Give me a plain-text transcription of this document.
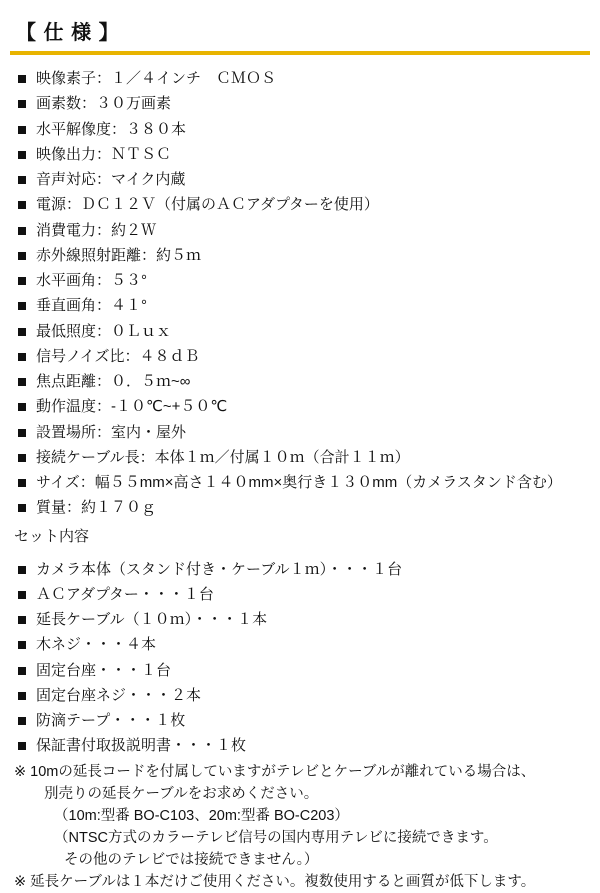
【 仕 様 】
映像素子：１／４インチ　ＣＭＯＳ
画素数：３０万画素
水平解像度：３８０本
映像出力：ＮＴＳＣ
音声対応：マイク内蔵
電源：ＤＣ１２Ｖ（付属のＡＣアダプターを使用）
消費電力：約２Ｗ
赤外線照射距離：約５ｍ
水平画角：５３°
垂直画角：４１°
最低照度：０Ｌｕｘ
信号ノイズ比：４８ｄＢ
焦点距離：０．５ｍ~∞
動作温度：-１０℃~+５０℃
設置場所：室内・屋外
接続ケーブル長：本体１ｍ／付属１０ｍ（合計１１ｍ）
サイズ：幅５５mm×高さ１４０mm×奥行き１３０mm（カメラスタンド含む）
質量：約１７０ｇ
セット内容
カメラ本体（スタンド付き・ケーブル１ｍ）・・・１台
ＡＣアダプター・・・１台
延長ケーブル（１０ｍ）・・・１本
木ネジ・・・４本
固定台座・・・１台
固定台座ネジ・・・２本
防滴テープ・・・１枚
保証書付取扱説明書・・・１枚
※ 10mの延長コードを付属していますがテレビとケーブルが離れている場合は、
別売りの延長ケーブルをお求めください。
（10m:型番 BO-C103、20m:型番 BO-C203）
（NTSC方式のカラーテレビ信号の国内専用テレビに接続できます。
その他のテレビでは接続できません。）
※ 延長ケーブルは１本だけご使用ください。複数使用すると画質が低下します。
